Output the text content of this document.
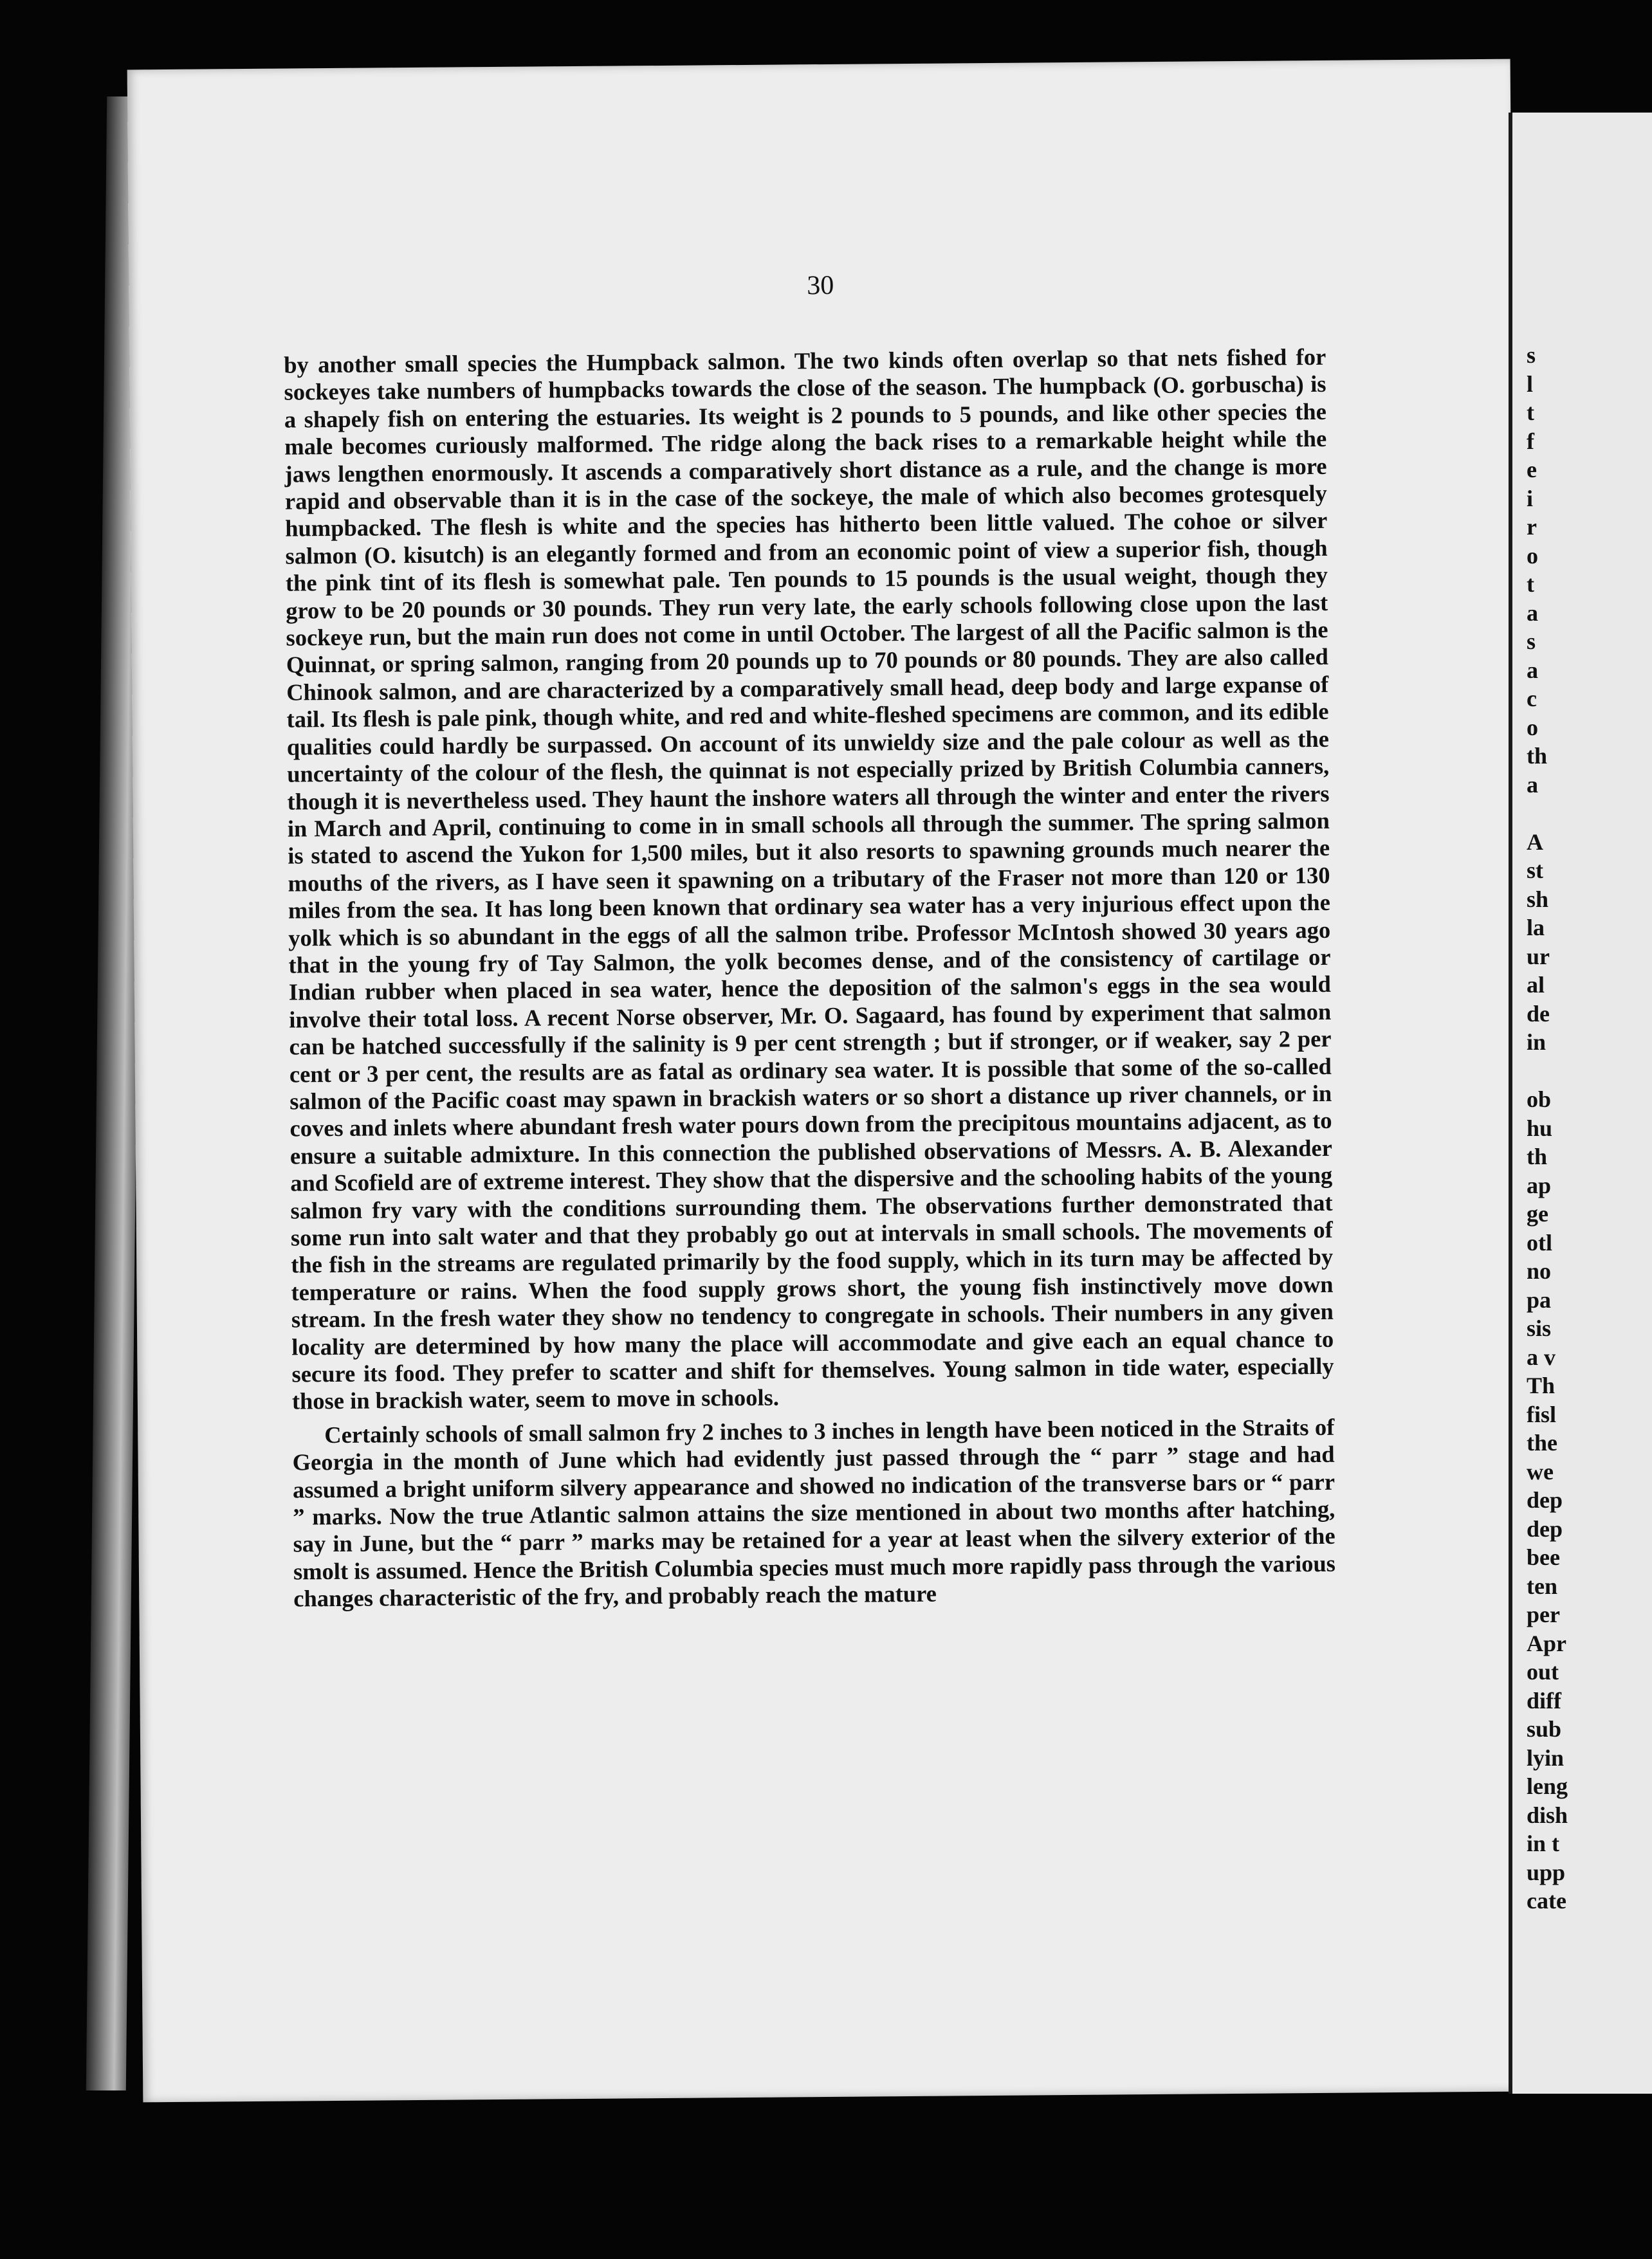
30
by another small species the Humpback salmon. The two kinds often overlap so that nets fished for sockeyes take numbers of humpbacks towards the close of the season. The humpback (O. gorbuscha) is a shapely fish on entering the estuaries. Its weight is 2 pounds to 5 pounds, and like other species the male becomes curiously malformed. The ridge along the back rises to a remarkable height while the jaws lengthen enormously. It ascends a comparatively short distance as a rule, and the change is more rapid and observable than it is in the case of the sockeye, the male of which also becomes grotesquely humpbacked. The flesh is white and the species has hitherto been little valued. The cohoe or silver salmon (O. kisutch) is an elegantly formed and from an economic point of view a superior fish, though the pink tint of its flesh is somewhat pale. Ten pounds to 15 pounds is the usual weight, though they grow to be 20 pounds or 30 pounds. They run very late, the early schools following close upon the last sockeye run, but the main run does not come in until October. The largest of all the Pacific salmon is the Quinnat, or spring salmon, ranging from 20 pounds up to 70 pounds or 80 pounds. They are also called Chinook salmon, and are characterized by a comparatively small head, deep body and large expanse of tail. Its flesh is pale pink, though white, and red and white-fleshed specimens are common, and its edible qualities could hardly be surpassed. On account of its unwieldy size and the pale colour as well as the uncertainty of the colour of the flesh, the quinnat is not especially prized by British Columbia canners, though it is nevertheless used. They haunt the inshore waters all through the winter and enter the rivers in March and April, continuing to come in in small schools all through the summer. The spring salmon is stated to ascend the Yukon for 1,500 miles, but it also resorts to spawning grounds much nearer the mouths of the rivers, as I have seen it spawning on a tributary of the Fraser not more than 120 or 130 miles from the sea. It has long been known that ordinary sea water has a very injurious effect upon the yolk which is so abundant in the eggs of all the salmon tribe. Professor McIntosh showed 30 years ago that in the young fry of Tay Salmon, the yolk becomes dense, and of the consistency of cartilage or Indian rubber when placed in sea water, hence the deposition of the salmon's eggs in the sea would involve their total loss. A recent Norse observer, Mr. O. Sagaard, has found by experiment that salmon can be hatched successfully if the salinity is 9 per cent strength ; but if stronger, or if weaker, say 2 per cent or 3 per cent, the results are as fatal as ordinary sea water. It is possible that some of the so-called salmon of the Pacific coast may spawn in brackish waters or so short a distance up river channels, or in coves and inlets where abundant fresh water pours down from the precipitous mountains adjacent, as to ensure a suitable admixture. In this connection the published observations of Messrs. A. B. Alexander and Scofield are of extreme interest. They show that the dispersive and the schooling habits of the young salmon fry vary with the conditions surrounding them. The observations further demonstrated that some run into salt water and that they probably go out at intervals in small schools. The movements of the fish in the streams are regulated primarily by the food supply, which in its turn may be affected by temperature or rains. When the food supply grows short, the young fish instinctively move down stream. In the fresh water they show no tendency to congregate in schools. Their numbers in any given locality are determined by how many the place will accommodate and give each an equal chance to secure its food. They prefer to scatter and shift for themselves. Young salmon in tide water, especially those in brackish water, seem to move in schools.
Certainly schools of small salmon fry 2 inches to 3 inches in length have been noticed in the Straits of Georgia in the month of June which had evidently just passed through the “ parr ” stage and had assumed a bright uniform silvery appearance and showed no indication of the transverse bars or “ parr ” marks. Now the true Atlantic salmon attains the size mentioned in about two months after hatching, say in June, but the “ parr ” marks may be retained for a year at least when the silvery exterior of the smolt is assumed. Hence the British Columbia species must much more rapidly pass through the various changes characteristic of the fry, and probably reach the mature
s
l
t
f
e
i
r
o
t
a
s
a
c
o
th
a
A
st
sh
la
ur
al
de
in
ob
hu
th
ap
ge
otl
no
pa
sis
a v
Th
fisl
the
we
dep
dep
bee
ten
per
Apr
out
diff
sub
lyin
leng
dish
in t
upp
cate
